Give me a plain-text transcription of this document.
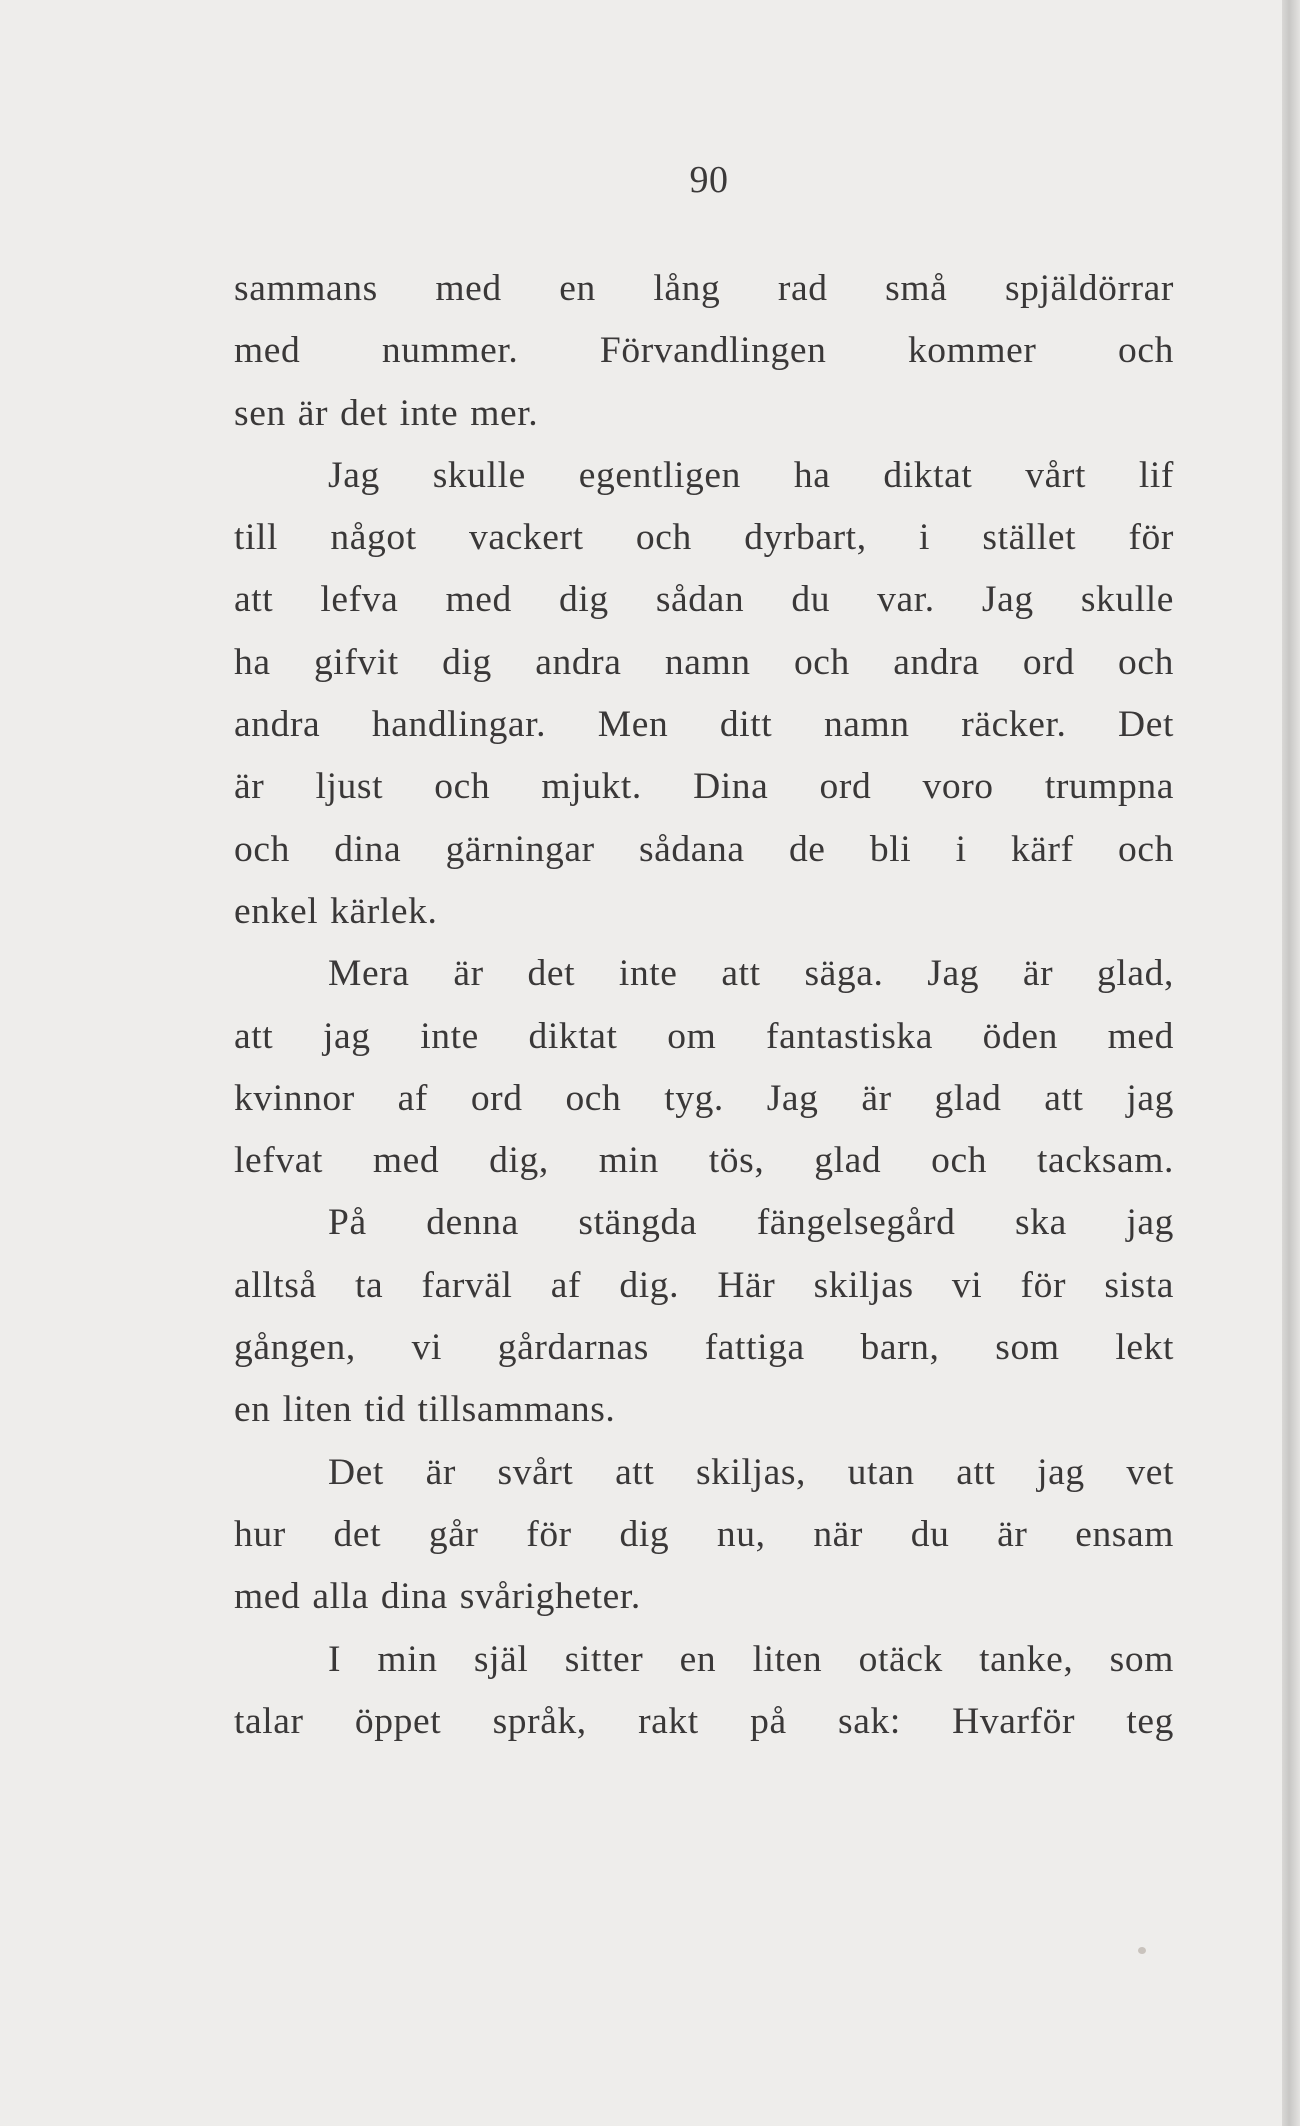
90
sammans med en lång rad små spjäldörrar
med nummer. Förvandlingen kommer och
sen är det inte mer.
Jag skulle egentligen ha diktat vårt lif
till något vackert och dyrbart, i stället för
att lefva med dig sådan du var. Jag skulle
ha gifvit dig andra namn och andra ord och
andra handlingar. Men ditt namn räcker. Det
är ljust och mjukt. Dina ord voro trumpna
och dina gärningar sådana de bli i kärf och
enkel kärlek.
Mera är det inte att säga. Jag är glad,
att jag inte diktat om fantastiska öden med
kvinnor af ord och tyg. Jag är glad att jag
lefvat med dig, min tös, glad och tacksam.
På denna stängda fängelsegård ska jag
alltså ta farväl af dig. Här skiljas vi för sista
gången, vi gårdarnas fattiga barn, som lekt
en liten tid tillsammans.
Det är svårt att skiljas, utan att jag vet
hur det går för dig nu, när du är ensam
med alla dina svårigheter.
I min själ sitter en liten otäck tanke, som
talar öppet språk, rakt på sak: Hvarför teg
